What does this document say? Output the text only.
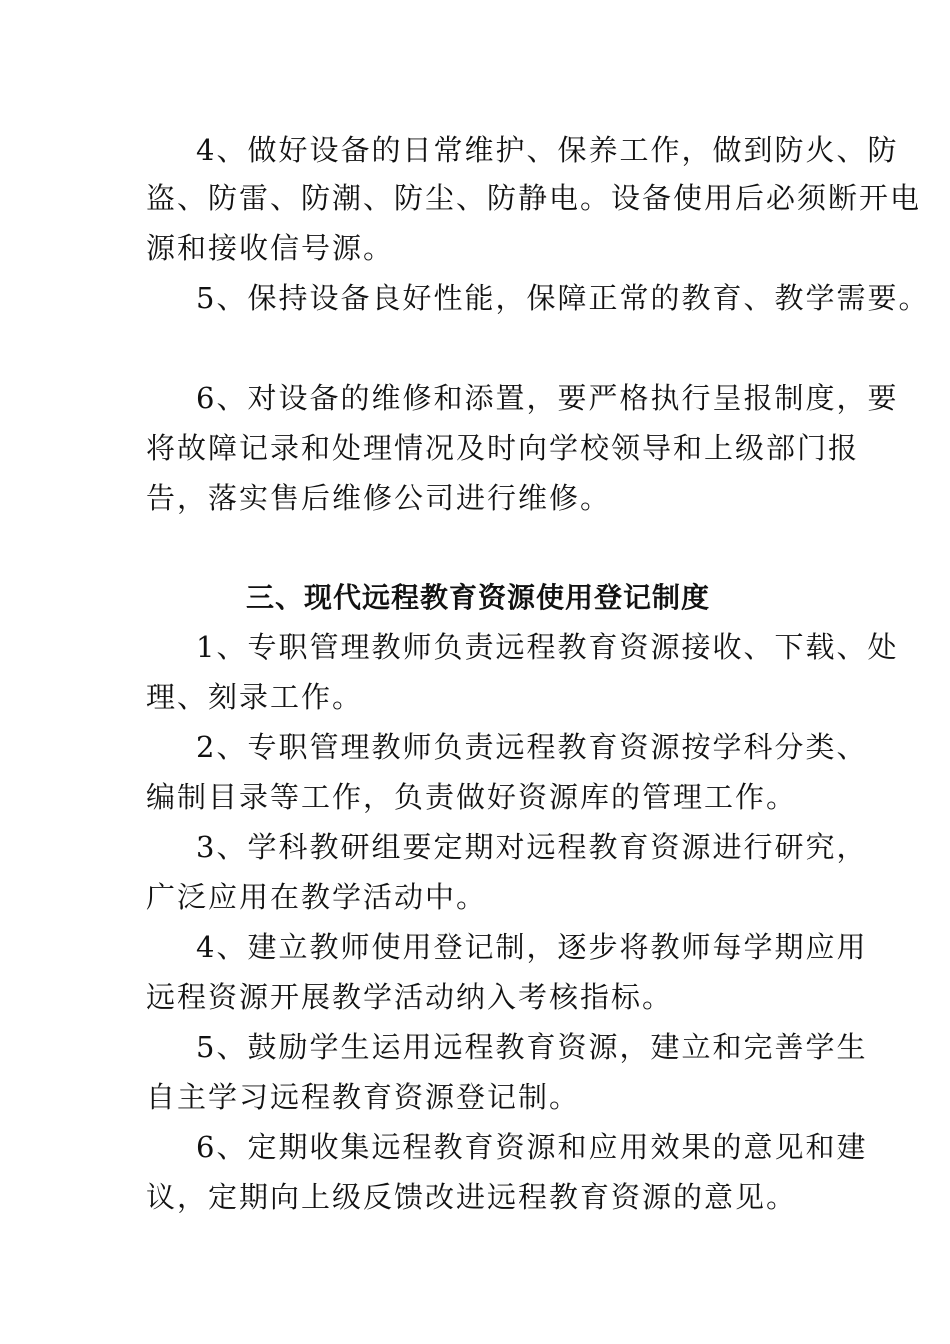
4、做好设备的日常维护、保养工作，做到防火、防
盗、防雷、防潮、防尘、防静电。设备使用后必须断开电
源和接收信号源。
5、保持设备良好性能，保障正常的教育、教学需要。
6、对设备的维修和添置，要严格执行呈报制度，要
将故障记录和处理情况及时向学校领导和上级部门报
告，落实售后维修公司进行维修。
三、现代远程教育资源使用登记制度
1、专职管理教师负责远程教育资源接收、下载、处
理、刻录工作。
2、专职管理教师负责远程教育资源按学科分类、
编制目录等工作，负责做好资源库的管理工作。
3、学科教研组要定期对远程教育资源进行研究，
广泛应用在教学活动中。
4、建立教师使用登记制，逐步将教师每学期应用
远程资源开展教学活动纳入考核指标。
5、鼓励学生运用远程教育资源，建立和完善学生
自主学习远程教育资源登记制。
6、定期收集远程教育资源和应用效果的意见和建
议，定期向上级反馈改进远程教育资源的意见。
